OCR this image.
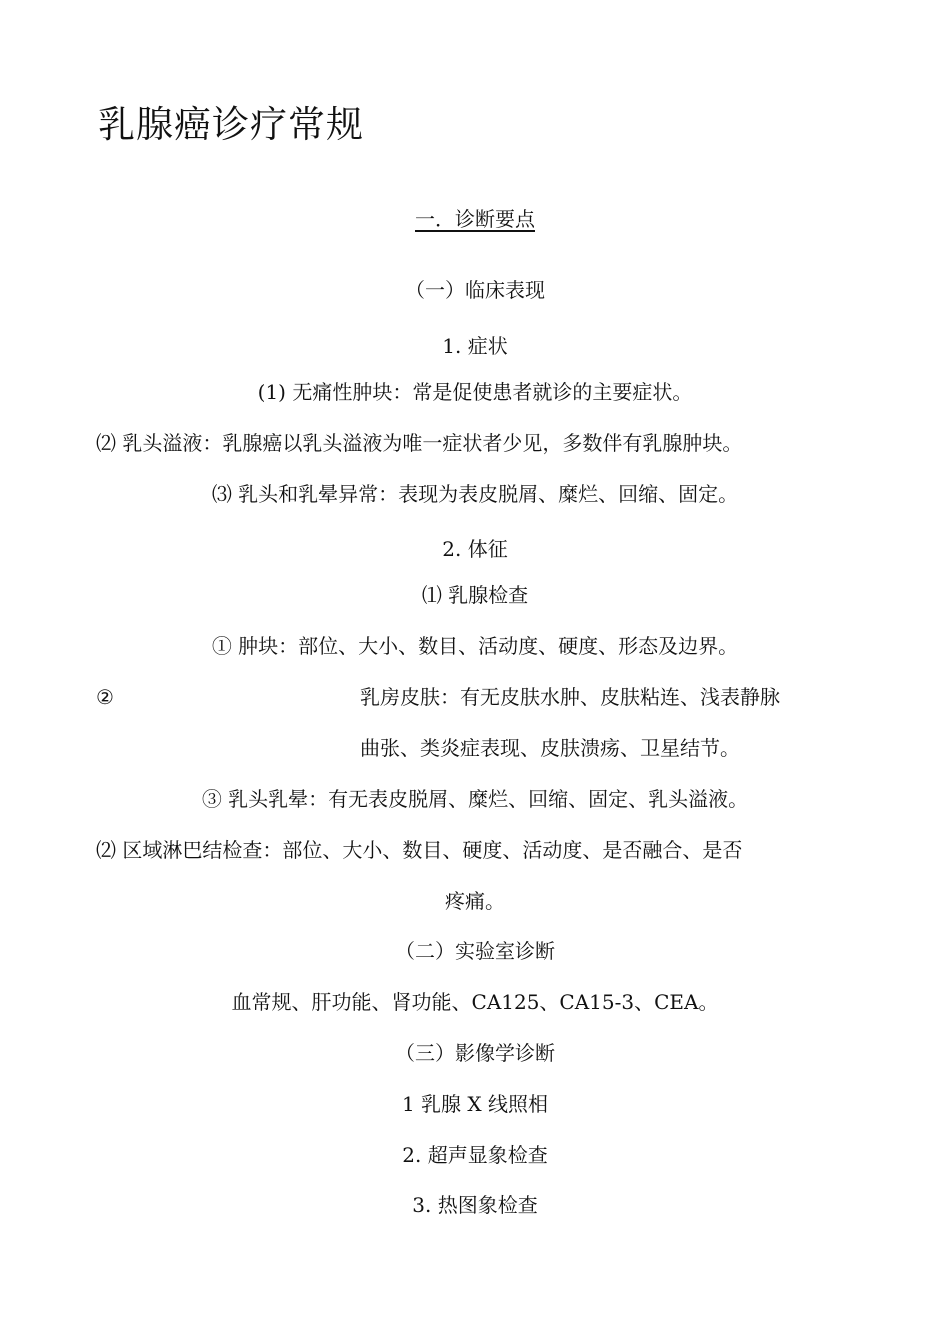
乳腺癌诊疗常规
一．诊断要点
（一）临床表现
1. 症状
(1) 无痛性肿块：常是促使患者就诊的主要症状。
⑵ 乳头溢液：乳腺癌以乳头溢液为唯一症状者少见，多数伴有乳腺肿块。
⑶ 乳头和乳晕异常：表现为表皮脱屑、糜烂、回缩、固定。
2. 体征
⑴ 乳腺检查
① 肿块：部位、大小、数目、活动度、硬度、形态及边界。
②	乳房皮肤：有无皮肤水肿、皮肤粘连、浅表静脉
曲张、类炎症表现、皮肤溃疡、卫星结节。
③ 乳头乳晕：有无表皮脱屑、糜烂、回缩、固定、乳头溢液。
⑵ 区域淋巴结检查：部位、大小、数目、硬度、活动度、是否融合、是否
疼痛。
（二）实验室诊断
血常规、肝功能、肾功能、CA125、CA15-3、CEA。
（三）影像学诊断
1 乳腺 X 线照相
2. 超声显象检查
3. 热图象检查
